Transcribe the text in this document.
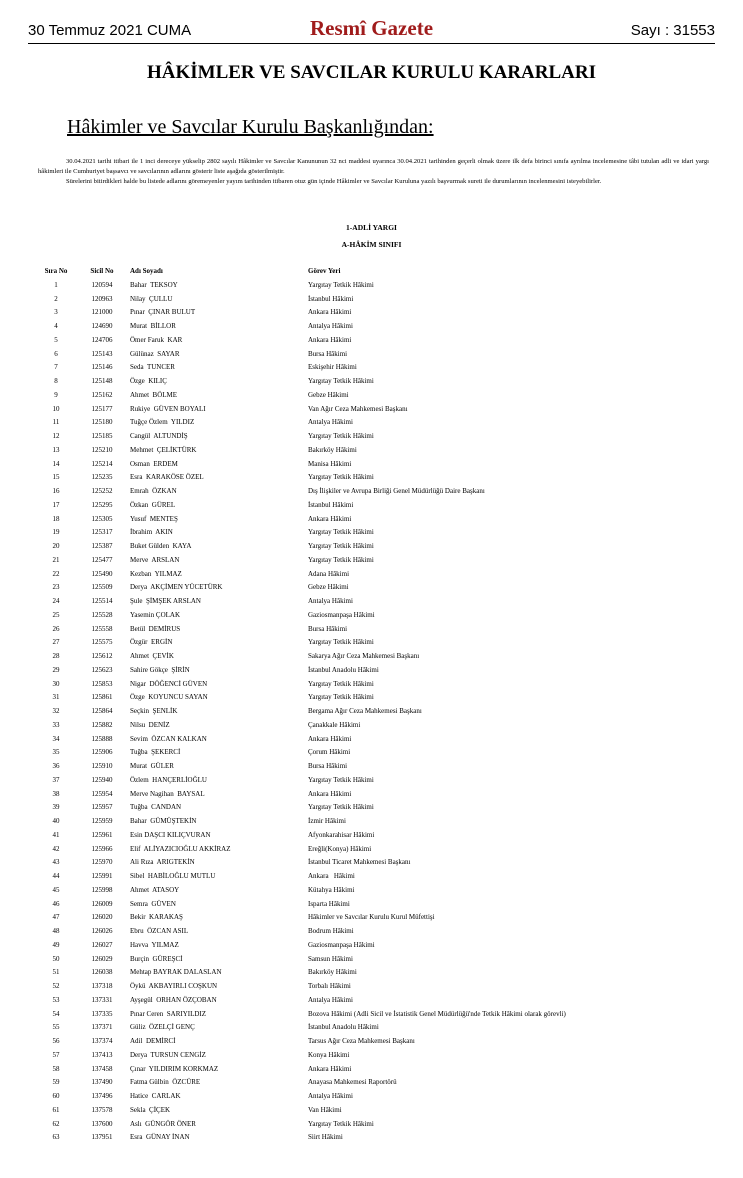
30 Temmuz 2021 CUMA	Resmî Gazete	Sayı : 31553
HÂKİMLER VE SAVCILAR KURULU KARARLARI
Hâkimler ve Savcılar Kurulu Başkanlığından:

30.04.2021 tarihi itibari ile 1 inci dereceye yükselip 2802 sayılı Hâkimler ve Savcılar Kanununun 32 nci maddesi uyarınca 30.04.2021 tarihinden geçerli olmak üzere ilk defa birinci sınıfa ayrılma incelemesine tâbi tutulan adli ve idari yargı hâkimleri ile Cumhuriyet başsavcı ve savcılarının adlarını gösterir liste aşağıda gösterilmiştir.

Sürelerini bitirdikleri halde bu listede adlarını göremeyenler yayım tarihinden itibaren otuz gün içinde Hâkimler ve Savcılar Kuruluna yazılı başvurmak sureti ile durumlarının incelenmesini isteyebilirler.

1-ADLİ YARGI
A-HÂKİM SINIFI
Sıra No	Sicil No	Adı Soyadı	Görev Yeri
1	120594	Bahar  TEKSOY	Yargıtay Tetkik Hâkimi
2	120963	Nilay  ÇULLU	İstanbul Hâkimi
3	121000	Pınar  ÇINAR BULUT	Ankara Hâkimi
4	124690	Murat  BİLLOR	Antalya Hâkimi
5	124706	Ömer Faruk  KAR	Ankara Hâkimi
6	125143	Gülünaz  SAYAR	Bursa Hâkimi
7	125146	Seda  TUNCER	Eskişehir Hâkimi
8	125148	Özge  KILIÇ	Yargıtay Tetkik Hâkimi
9	125162	Ahmet  BÖLME	Gebze Hâkimi
10	125177	Rukiye  GÜVEN BOYALI	Van Ağır Ceza Mahkemesi Başkanı
11	125180	Tuğçe Özlem  YILDIZ	Antalya Hâkimi
12	125185	Cangül  ALTUNDİŞ	Yargıtay Tetkik Hâkimi
13	125210	Mehmet  ÇELİKTÜRK	Bakırköy Hâkimi
14	125214	Osman  ERDEM	Manisa Hâkimi
15	125235	Esra  KARAKÖSE ÖZEL	Yargıtay Tetkik Hâkimi
16	125252	Emrah  ÖZKAN	Dış İlişkiler ve Avrupa Birliği Genel Müdürlüğü Daire Başkanı
17	125295	Özkan  GÜREL	İstanbul Hâkimi
18	125305	Yusuf  MENTEŞ	Ankara Hâkimi
19	125317	İbrahim  AKIN	Yargıtay Tetkik Hâkimi
20	125387	Buket Gülden  KAYA	Yargıtay Tetkik Hâkimi
21	125477	Merve  ARSLAN	Yargıtay Tetkik Hâkimi
22	125490	Kezban  YILMAZ	Adana Hâkimi
23	125509	Derya  AKÇİMEN YÜCETÜRK	Gebze Hâkimi
24	125514	Şule  ŞİMŞEK ARSLAN	Antalya Hâkimi
25	125528	Yasemin ÇOLAK	Gaziosmanpaşa Hâkimi
26	125558	Betül  DEMİRUS	Bursa Hâkimi
27	125575	Özgür  ERGİN	Yargıtay Tetkik Hâkimi
28	125612	Ahmet  ÇEVİK	Sakarya Ağır Ceza Mahkemesi Başkanı
29	125623	Sahire Gökçe  ŞİRİN	İstanbul Anadolu Hâkimi
30	125853	Nigar  DÖĞENCİ GÜVEN	Yargıtay Tetkik Hâkimi
31	125861	Özge  KOYUNCU SAYAN	Yargıtay Tetkik Hâkimi
32	125864	Seçkin  ŞENLİK	Bergama Ağır Ceza Mahkemesi Başkanı
33	125882	Nilsu  DENİZ	Çanakkale Hâkimi
34	125888	Sevim  ÖZCAN KALKAN	Ankara Hâkimi
35	125906	Tuğba  ŞEKERCİ	Çorum Hâkimi
36	125910	Murat  GÜLER	Bursa Hâkimi
37	125940	Özlem  HANÇERLİOĞLU	Yargıtay Tetkik Hâkimi
38	125954	Merve Nagihan  BAYSAL	Ankara Hâkimi
39	125957	Tuğba  CANDAN	Yargıtay Tetkik Hâkimi
40	125959	Bahar  GÜMÜŞTEKİN	İzmir Hâkimi
41	125961	Esin DAŞCI KILIÇVURAN	Afyonkarahisar Hâkimi
42	125966	Elif  ALİYAZICIOĞLU AKKİRAZ	Ereğli(Konya) Hâkimi
43	125970	Ali Rıza  ARIGTEKİN	İstanbul Ticaret Mahkemesi Başkanı
44	125991	Sibel  HABİLOĞLU MUTLU	Ankara   Hâkimi
45	125998	Ahmet  ATASOY	Kütahya Hâkimi
46	126009	Semra  GÜVEN	Isparta Hâkimi
47	126020	Bekir  KARAKAŞ	Hâkimler ve Savcılar Kurulu Kurul Müfettişi
48	126026	Ebru  ÖZCAN ASIL	Bodrum Hâkimi
49	126027	Havva  YILMAZ	Gaziosmanpaşa Hâkimi
50	126029	Burçin  GÜREŞCİ	Samsun Hâkimi
51	126038	Mehtap BAYRAK DALASLAN	Bakırköy Hâkimi
52	137318	Öykü  AKBAYIRLI COŞKUN	Torbalı Hâkimi
53	137331	Ayşegül  ORHAN ÖZÇOBAN	Antalya Hâkimi
54	137335	Pınar Ceren  SARIYILDIZ	Bozova Hâkimi (Adli Sicil ve İstatistik Genel Müdürlüğü'nde Tetkik Hâkimi olarak görevli)
55	137371	Güliz  ÖZELÇİ GENÇ	İstanbul Anadolu Hâkimi
56	137374	Adil  DEMİRCİ	Tarsus Ağır Ceza Mahkemesi Başkanı
57	137413	Derya  TURSUN CENGİZ	Konya Hâkimi
58	137458	Çınar  YILDIRIM KORKMAZ	Ankara Hâkimi
59	137490	Fatma Gülbin  ÖZCÜRE	Anayasa Mahkemesi Raportörü
60	137496	Hatice  CARLAK	Antalya Hâkimi
61	137578	Sekla  ÇİÇEK	Van Hâkimi
62	137600	Aslı  GÜNGÖR ÖNER	Yargıtay Tetkik Hâkimi
63	137951	Esra  GÜNAY İNAN	Siirt Hâkimi
